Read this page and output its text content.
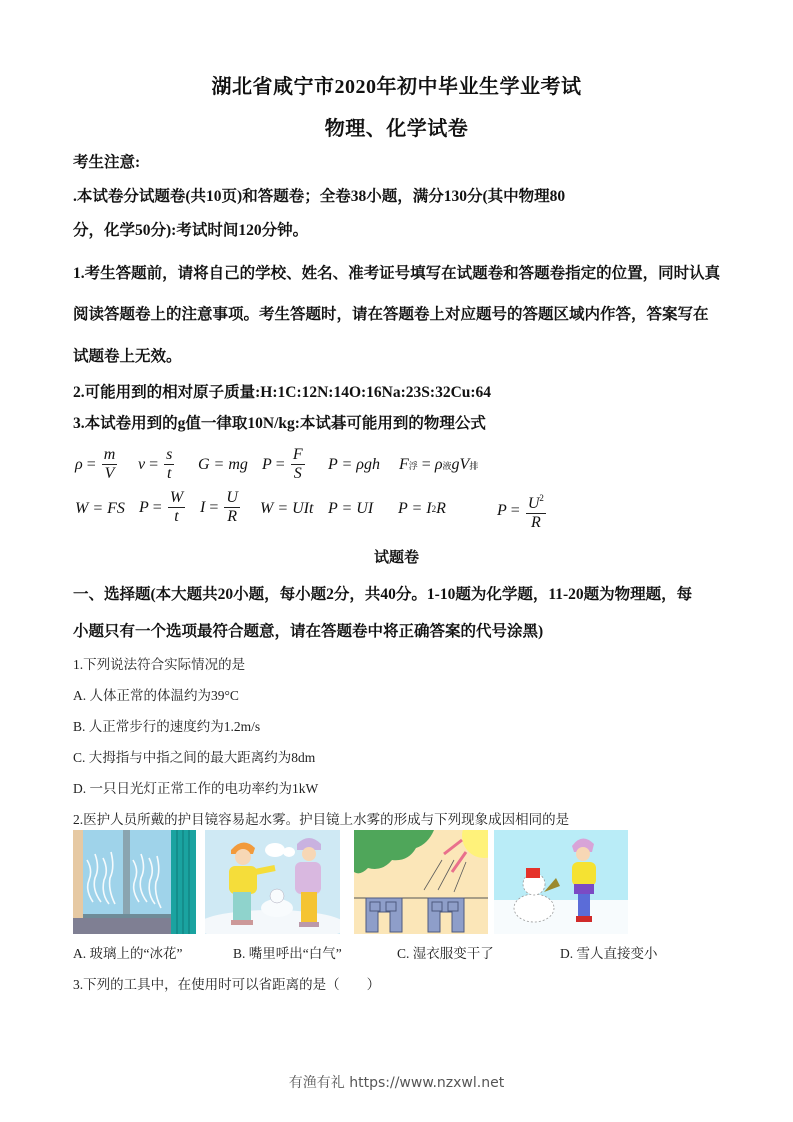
湖北省咸宁市2020年初中毕业生学业考试
物理、化学试卷
考生注意:
.本试卷分试题卷(共10页)和答题卷；全卷38小题，满分130分(其中物理80
分，化学50分):考试时间120分钟。
1.考生答题前，请将自己的学校、姓名、准考证号填写在试题卷和答题卷指定的位置，同时认真
阅读答题卷上的注意事项。考生答题时，请在答题卷上对应题号的答题区域内作答，答案写在
试题卷上无效。
2.可能用到的相对原子质量:H:1C:12N:14O:16Na:23S:32Cu:64
3.本试卷用到的g值一律取10N/kg:本试碁可能用到的物理公式
$\rho = \frac{m}{V}$ $v = \frac{s}{t}$ G = mg $P = \frac{F}{S}$ P = ρgh F 浮 = ρ 液 g V 排
W = FS $P = \frac{W}{t}$ $I = \frac{U}{R}$ W = UIt P = UI P = I 2 R	$P = \frac{U^2}{R}$
试题卷
一、选择题(本大题共20小题，每小题2分，共40分。1-10题为化学题，11-20题为物理题，每
小题只有一个选项最符合题意，请在答题卷中将正确答案的代号涂黑)
1.下列说法符合实际情况的是
A. 人体正常的体温约为39°C
B. 人正常步行的速度约为1.2m/s
C. 大拇指与中指之间的最大距离约为8dm
D. 一只日光灯正常工作的电功率约为1kW
2.医护人员所戴的护目镜容易起水雾。护目镜上水雾的形成与下列现象成因相同的是
A. 玻璃上的“冰花”	B. 嘴里呼出“白气”	C. 湿衣服变干了	D. 雪人直接变小
3.下列的工具中，在使用时可以省距离的是（　　）
有渔有礼 https://www.nzxwl.net
